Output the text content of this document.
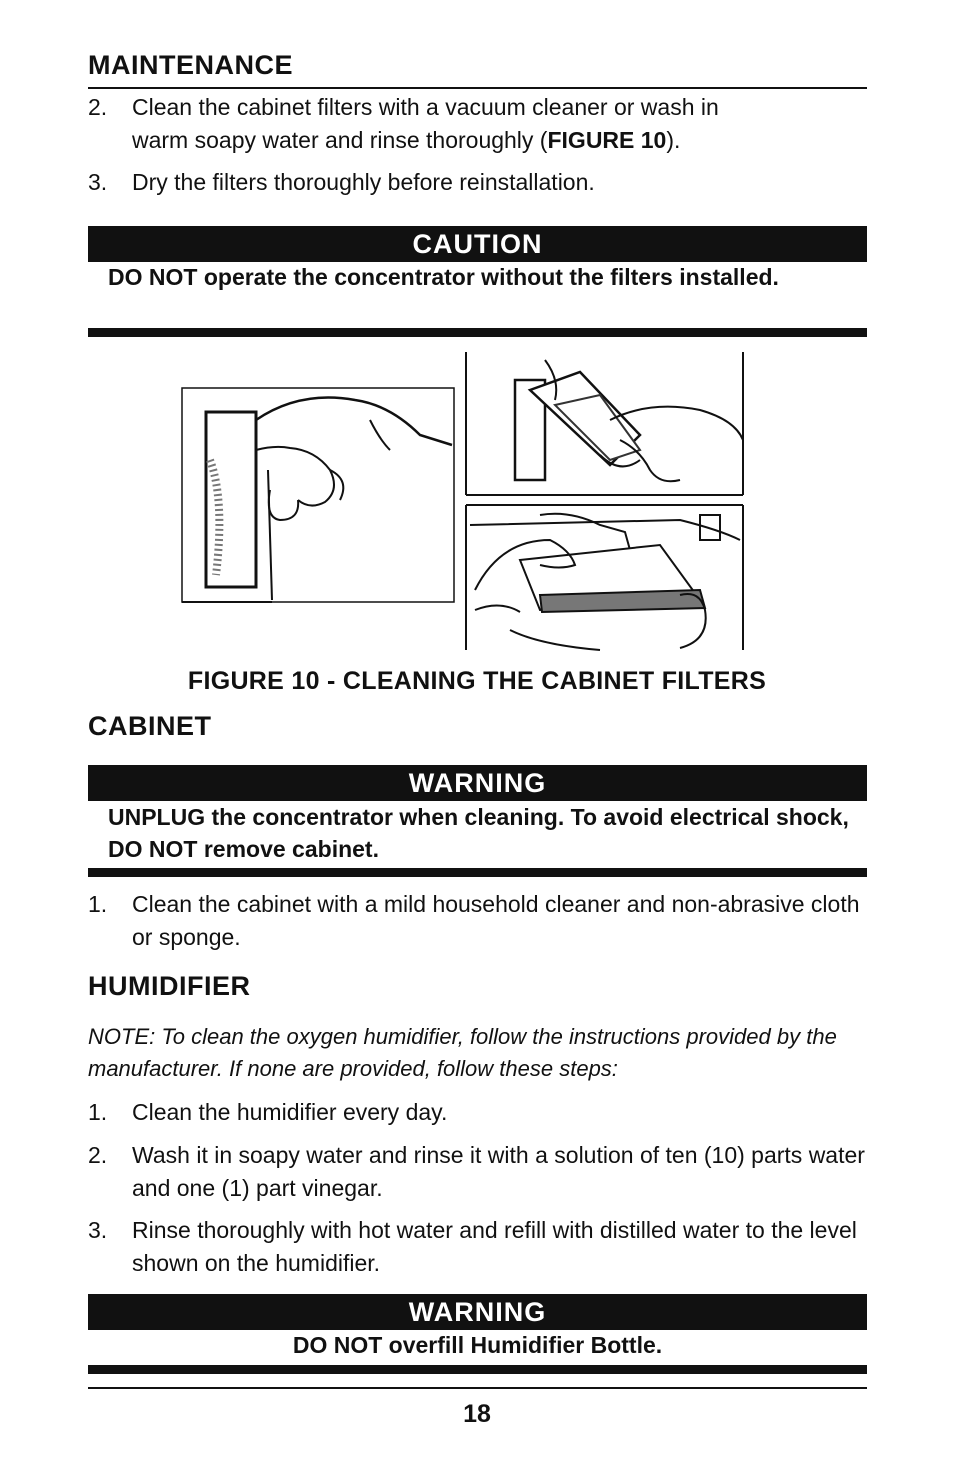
MAINTENANCE
2. Clean the cabinet filters with a vacuum cleaner or wash in warm soapy water and rinse thoroughly (FIGURE 10).
3. Dry the filters thoroughly before reinstallation.
CAUTION
DO NOT operate the concentrator without the filters installed.
FIGURE 10 - CLEANING THE CABINET FILTERS
CABINET
WARNING
UNPLUG the concentrator when cleaning. To avoid electrical shock, DO NOT remove cabinet.
1. Clean the cabinet with a mild household cleaner and non-abrasive cloth or sponge.
HUMIDIFIER
NOTE: To clean the oxygen humidifier, follow the instructions provided by the manufacturer. If none are provided, follow these steps:
1. Clean the humidifier every day.
2. Wash it in soapy water and rinse it with a solution of ten (10) parts water and one (1) part vinegar.
3. Rinse thoroughly with hot water and refill with distilled water to the level shown on the humidifier.
WARNING
DO NOT overfill Humidifier Bottle.
18
